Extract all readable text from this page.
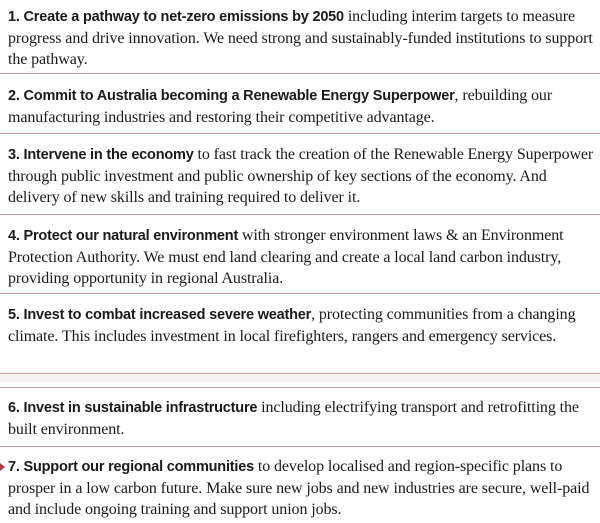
1. Create a pathway to net-zero emissions by 2050 including interim targets to measure progress and drive innovation. We need strong and sustainably-funded institutions to support the pathway.

2. Commit to Australia becoming a Renewable Energy Superpower, rebuilding our manufacturing industries and restoring their competitive advantage.

3. Intervene in the economy to fast track the creation of the Renewable Energy Superpower through public investment and public ownership of key sections of the economy. And delivery of new skills and training required to deliver it.

4. Protect our natural environment with stronger environment laws & an Environment Protection Authority. We must end land clearing and create a local land carbon industry, providing opportunity in regional Australia.

5. Invest to combat increased severe weather, protecting communities from a changing climate. This includes investment in local firefighters, rangers and emergency services.

6. Invest in sustainable infrastructure including electrifying transport and retrofitting the built environment.

7. Support our regional communities to develop localised and region-specific plans to prosper in a low carbon future. Make sure new jobs and new industries are secure, well-paid and include ongoing training and support union jobs.
